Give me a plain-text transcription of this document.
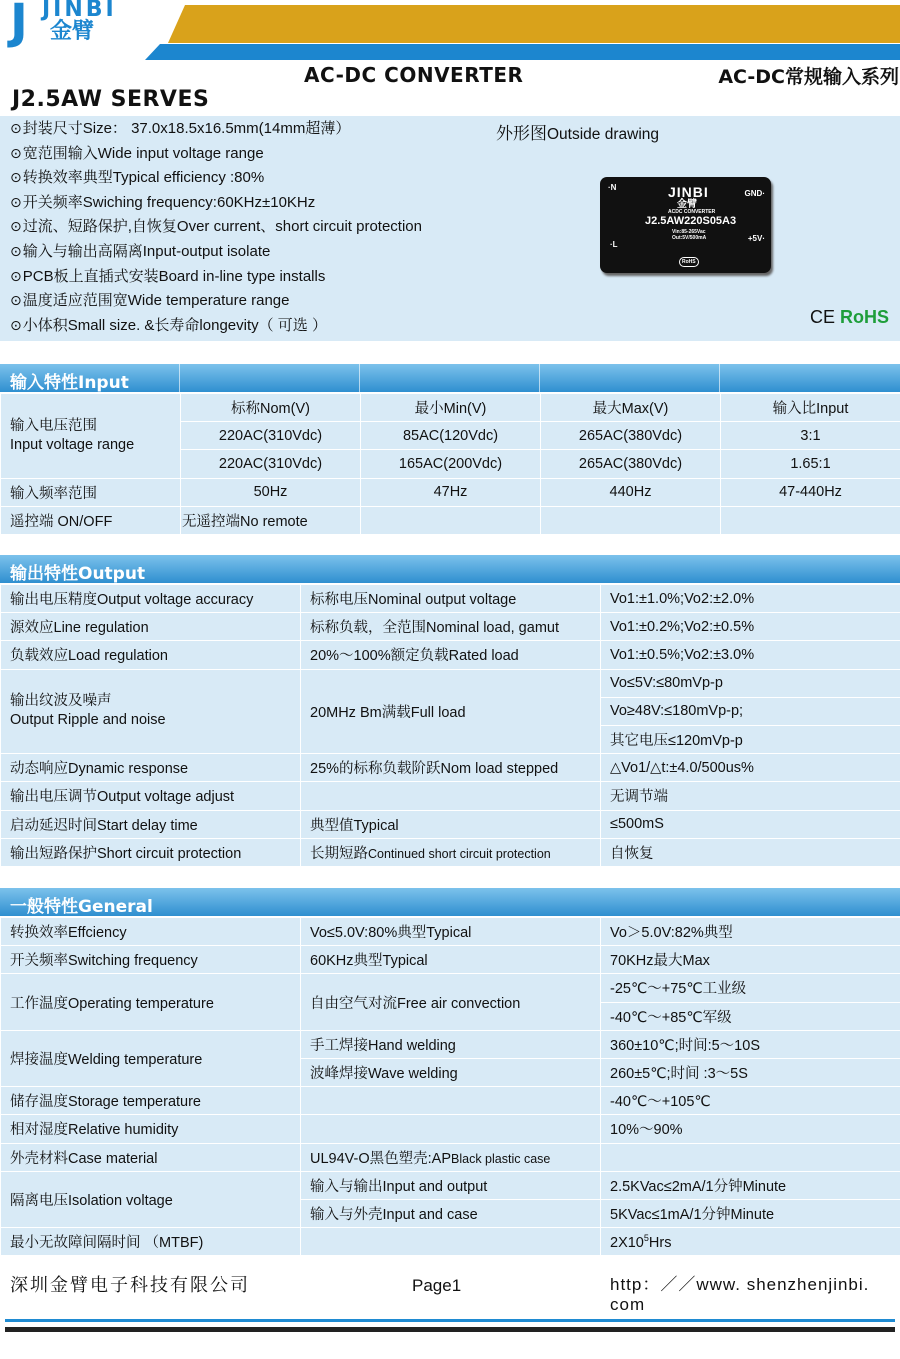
J JINBI
金臂
AC-DC CONVERTER	AC-DC常规输入系列
J2.5AW SERVES
⊙封装尺寸Size： 37.0x18.5x16.5mm(14mm超薄）
⊙宽范围输入Wide input voltage range
⊙转换效率典型Typical efficiency :80%
⊙开关频率Swiching frequency:60KHz±10KHz
⊙过流、短路保护,自恢复Over current、short circuit protection
⊙输入与输出高隔离Input-output isolate
⊙PCB板上直插式安装Board in-line type installs
⊙温度适应范围宽Wide temperature range
⊙小体积Small size. &长寿命longevity（ 可选 ）
外形图Outside drawing
·N
GND·
JINBI
金臂
ACDC CONVERTER
J2.5AW220S05A3
Vin:85-265Vac
Out:5V/500mA
·L
+5V·
RoHS
CE RoHS
输入特性Input
输入电压范围
Input voltage range	标称Nom(V)	最小Min(V)	最大Max(V)	输入比Input
	220AC(310Vdc)	85AC(120Vdc)	265AC(380Vdc)	3:1
	220AC(310Vdc)	165AC(200Vdc)	265AC(380Vdc)	1.65:1
输入频率范围	50Hz	47Hz	440Hz	47-440Hz
遥控端 ON/OFF	无遥控端No remote			
输出特性Output
输出电压精度Output voltage accuracy	标称电压Nominal output voltage	Vo1:±1.0%;Vo2:±2.0%
源效应Line regulation	标称负载，全范围Nominal load, gamut	Vo1:±0.2%;Vo2:±0.5%
负载效应Load regulation	20%～100%额定负载Rated load	Vo1:±0.5%;Vo2:±3.0%

输出纹波及噪声
Output Ripple and noise	20MHz Bm满载Full load	Vo≤5V:≤80mVp-p
		Vo≥48V:≤180mVp-p;
		其它电压≤120mVp-p
动态响应Dynamic response	25%的标称负载阶跃Nom load stepped	△Vo1/△t:±4.0/500us%
输出电压调节Output voltage adjust		无调节端
启动延迟时间Start delay time	典型值Typical	≤500mS
输出短路保护Short circuit protection	长期短路Continued short circuit protection	自恢复
一般特性General
转换效率Effciency	Vo≤5.0V:80%典型Typical	Vo＞5.0V:82%典型
开关频率Switching frequency	60KHz典型Typical	70KHz最大Max
工作温度Operating temperature	自由空气对流Free air convection	-25℃～+75℃工业级
		-40℃～+85℃军级
焊接温度Welding temperature	手工焊接Hand welding	360±10℃;时间:5～10S
	波峰焊接Wave welding	260±5℃;时间 :3～5S
储存温度Storage temperature		-40℃～+105℃
相对湿度Relative humidity		10%～90%
外壳材料Case material	UL94V-O黑色塑壳:APBlack plastic case	
隔离电压Isolation voltage	输入与输出Input and output	2.5KVac≤2mA/1分钟Minute
	输入与外壳Input and case	5KVac≤1mA/1分钟Minute
最小无故障间隔时间 （MTBF)		$2X10^5Hrs$
深圳金臂电子科技有限公司	Page1	http：／／www. shenzhenjinbi. com
